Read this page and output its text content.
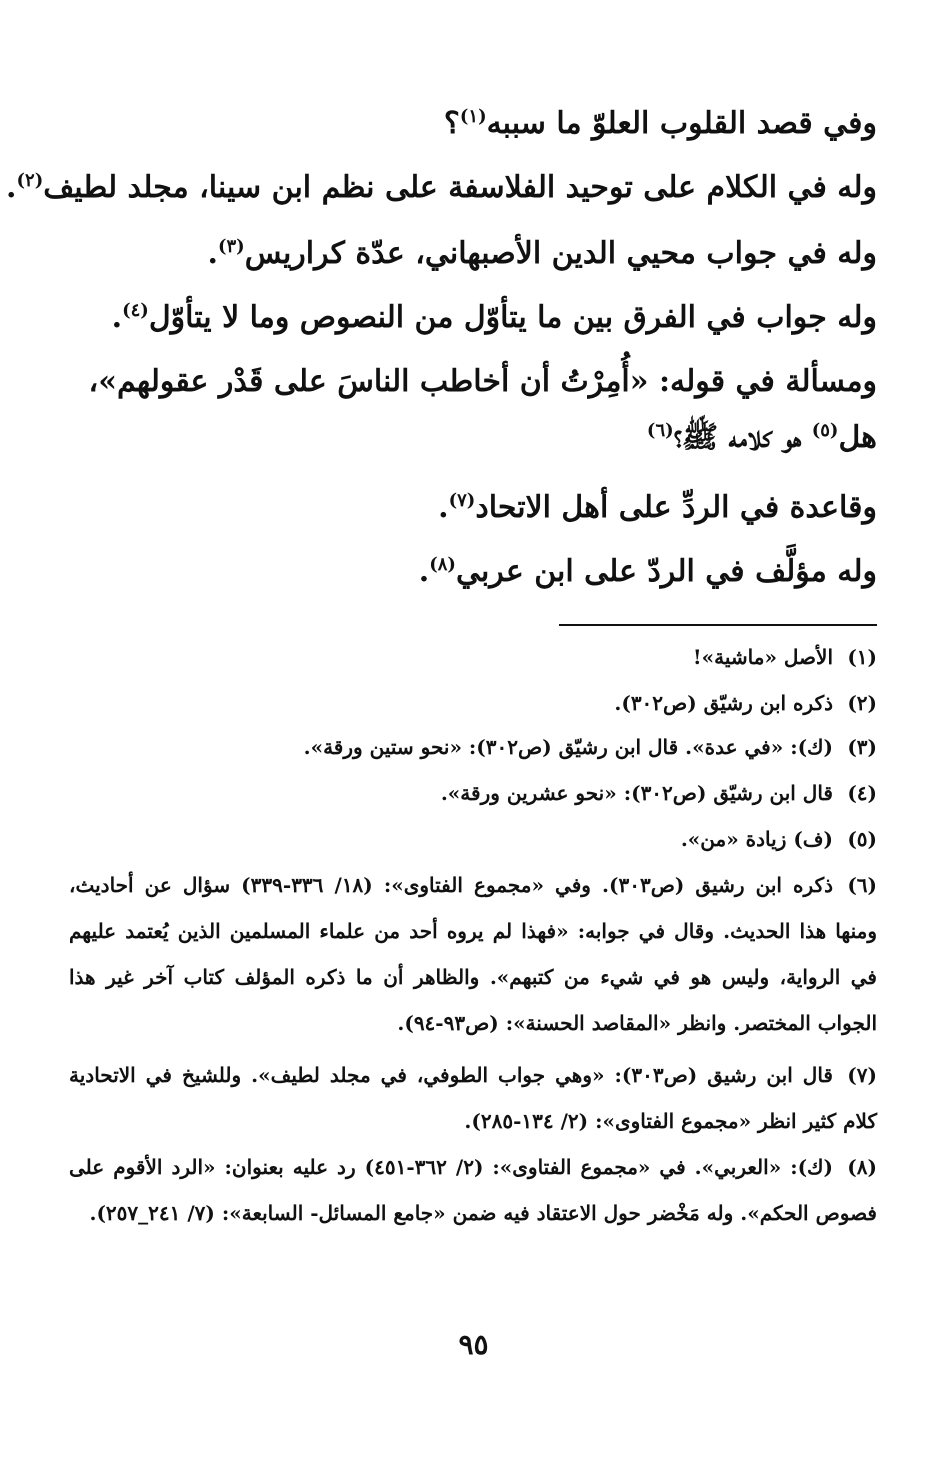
وفي قصد القلوب العلوّ ما سببه$^{(١)}$؟
وله في الكلام على توحيد الفلاسفة على نظم ابن سينا، مجلد لطيف$^{(٢)}$.
وله في جواب محيي الدين الأصبهاني، عدّة كراريس$^{(٣)}$.
وله جواب في الفرق بين ما يتأوّل من النصوص وما لا يتأوّل$^{(٤)}$.
ومسألة في قوله: «أُمِرْتُ أن أخاطب الناسَ على قَدْر عقولهم»، هل$^{(٥)}$ هو كلامه ﷺ؟$^{(٦)}$
وقاعدة في الردِّ على أهل الاتحاد$^{(٧)}$.
وله مؤلَّف في الردّ على ابن عربي$^{(٨)}$.
(١)الأصل «ماشية»!
(٢)ذكره ابن رشيّق (ص٣٠٢).
(٣)(ك): «في عدة». قال ابن رشيّق (ص٣٠٢): «نحو ستين ورقة».
(٤)قال ابن رشيّق (ص٣٠٢): «نحو عشرين ورقة».
(٥)(ف) زيادة «من».
(٦)ذكره ابن رشيق (ص٣٠٣). وفي «مجموع الفتاوى»: (١٨/ ٣٣٦-٣٣٩) سؤال عن أحاديث، ومنها هذا الحديث. وقال في جوابه: «فهذا لم يروه أحد من علماء المسلمين الذين يُعتمد عليهم في الرواية، وليس هو في شيء من كتبهم». والظاهر أن ما ذكره المؤلف كتاب آخر غير هذا الجواب المختصر. وانظر «المقاصد الحسنة»: (ص٩٣-٩٤).
(٧)قال ابن رشيق (ص٣٠٣): «وهي جواب الطوفي، في مجلد لطيف». وللشيخ في الاتحادية كلام كثير انظر «مجموع الفتاوى»: (٢/ ١٣٤-٢٨٥).
(٨)(ك): «العربي». في «مجموع الفتاوى»: (٢/ ٣٦٢-٤٥١) رد عليه بعنوان: «الرد الأقوم على فصوص الحكم». وله مَخْضر حول الاعتقاد فيه ضمن «جامع المسائل- السابعة»: (٧/ ٢٤١_٢٥٧).
٩٥
